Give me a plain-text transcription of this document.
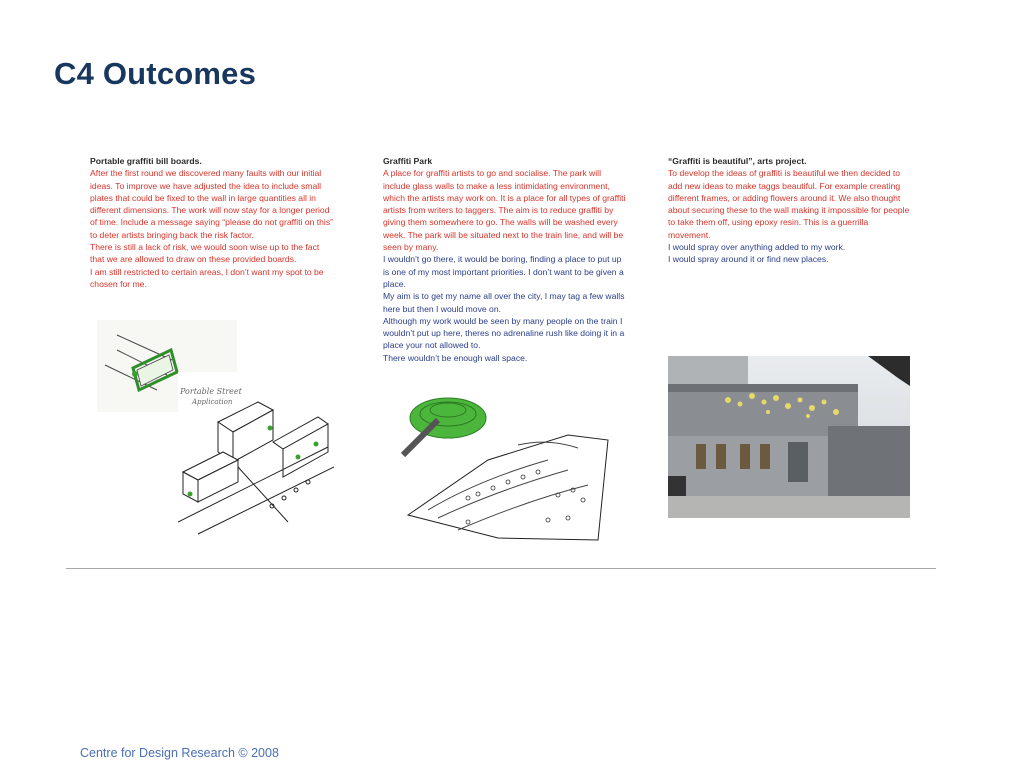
C4 Outcomes
Portable graffiti bill boards.
After the first round we discovered many faults with our initial ideas. To improve we have adjusted the idea to include small plates that could be fixed to the wall in large quantities all in different dimensions. The work will now stay for a longer period of time. Include a message saying “please do not graffiti on this” to deter artists bringing back the risk factor.
There is still a lack of risk, we would soon wise up to the fact that we are allowed to draw on these provided boards.
I am still restricted to certain areas, I don’t want my spot to be chosen for me.
Graffiti Park
A place for graffiti artists to go and socialise. The park will include glass walls to make a less intimidating environment, which the artists may work on. It is a place for all types of graffiti artists from writers to taggers. The aim is to reduce graffiti by giving them somewhere to go. The walls will be washed every week. The park will be situated next to the train line, and will be seen by many.
I wouldn’t go there, it would be boring, finding a place to put up is one of my most important priorities. I don’t want to be given a place.
My aim is to get my name all over the city, I may tag a few walls here but then I would move on.
Although my work would be seen by many people on the train I wouldn’t put up here, theres no adrenaline rush like doing it in a place your not allowed to.
There wouldn’t be enough wall space.
“Graffiti is beautiful”, arts project.
To develop the ideas of graffiti is beautiful we then decided to add new ideas to make taggs beautiful. For example creating different frames, or adding flowers around it. We also thought about securing these to the wall making it impossible for people to take them off, using epoxy resin. This is a guerrilla movement.
I would spray over anything added to my work.
I would spray around it or find new places.
Portable Street
Application
Centre for Design Research © 2008
